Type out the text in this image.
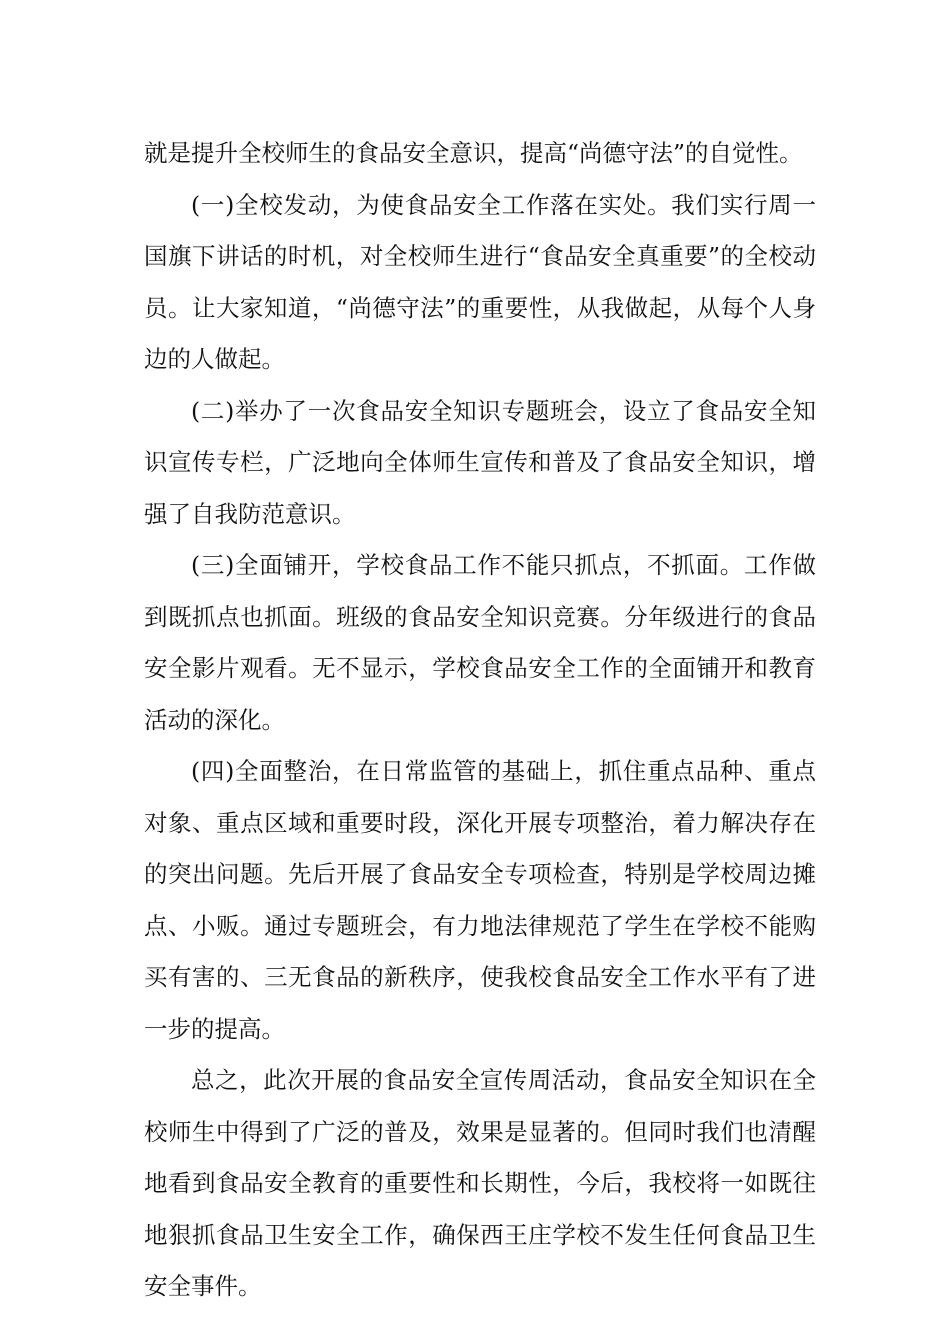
就是提升全校师生的食品安全意识，提高“尚德守法”的自觉性。

(一)全校发动，为使食品安全工作落在实处。我们实行周一国旗下讲话的时机，对全校师生进行“食品安全真重要”的全校动员。让大家知道，“尚德守法”的重要性，从我做起，从每个人身边的人做起。

(二)举办了一次食品安全知识专题班会，设立了食品安全知识宣传专栏，广泛地向全体师生宣传和普及了食品安全知识，增强了自我防范意识。

(三)全面铺开，学校食品工作不能只抓点，不抓面。工作做到既抓点也抓面。班级的食品安全知识竞赛。分年级进行的食品安全影片观看。无不显示，学校食品安全工作的全面铺开和教育活动的深化。

(四)全面整治，在日常监管的基础上，抓住重点品种、重点对象、重点区域和重要时段，深化开展专项整治，着力解决存在的突出问题。先后开展了食品安全专项检查，特别是学校周边摊点、小贩。通过专题班会，有力地法律规范了学生在学校不能购买有害的、三无食品的新秩序，使我校食品安全工作水平有了进一步的提高。

总之，此次开展的食品安全宣传周活动，食品安全知识在全校师生中得到了广泛的普及，效果是显著的。但同时我们也清醒地看到食品安全教育的重要性和长期性，今后，我校将一如既往地狠抓食品卫生安全工作，确保西王庄学校不发生任何食品卫生安全事件。
